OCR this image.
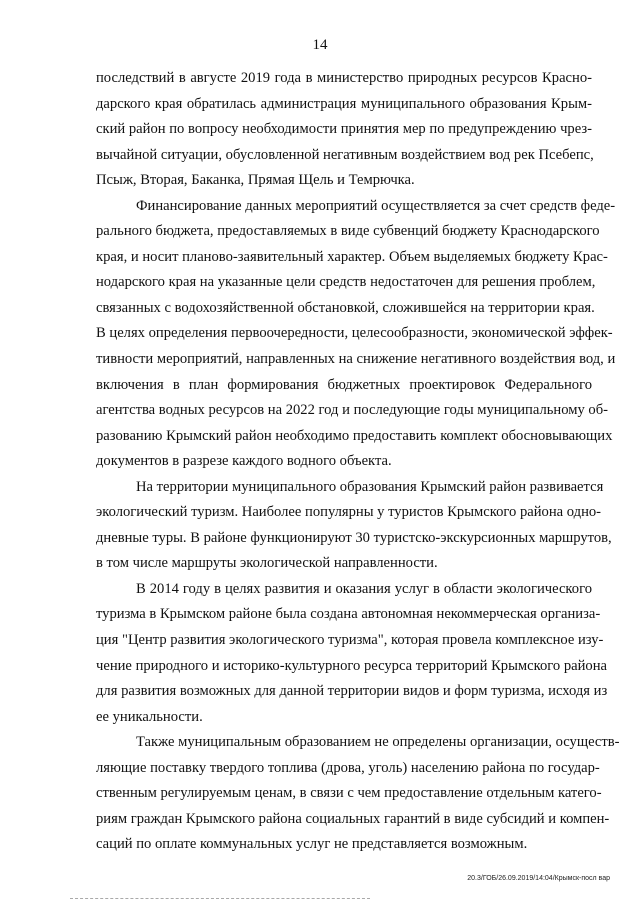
14
последствий в августе 2019 года в министерство природных ресурсов Красно-
дарского края обратилась администрация муниципального образования Крым-
ский район по вопросу необходимости принятия мер по предупреждению чрез-
вычайной ситуации, обусловленной негативным воздействием вод рек Псебепс,
Псыж, Вторая, Баканка, Прямая Щель и Темрючка.
Финансирование данных мероприятий осуществляется за счет средств феде-
рального бюджета, предоставляемых в виде субвенций бюджету Краснодарского
края, и носит планово-заявительный характер. Объем выделяемых бюджету Крас-
нодарского края на указанные цели средств недостаточен для решения проблем,
связанных с водохозяйственной обстановкой, сложившейся на территории края.
В целях определения первоочередности, целесообразности, экономической эффек-
тивности мероприятий, направленных на снижение негативного воздействия вод, и
включения в план формирования бюджетных проектировок Федерального
агентства водных ресурсов на 2022 год и последующие годы муниципальному об-
разованию Крымский район необходимо предоставить комплект обосновывающих
документов в разрезе каждого водного объекта.
На территории муниципального образования Крымский район развивается
экологический туризм. Наиболее популярны у туристов Крымского района одно-
дневные туры. В районе функционируют 30 туристско-экскурсионных маршрутов,
в том числе маршруты экологической направленности.
В 2014 году в целях развития и оказания услуг в области экологического
туризма в Крымском районе была создана автономная некоммерческая организа-
ция "Центр развития экологического туризма", которая провела комплексное изу-
чение природного и историко-культурного ресурса территорий Крымского района
для развития возможных для данной территории видов и форм туризма, исходя из
ее уникальности.
Также муниципальным образованием не определены организации, осуществ-
ляющие поставку твердого топлива (дрова, уголь) населению района по государ-
ственным регулируемым ценам, в связи с чем предоставление отдельным катего-
риям граждан Крымского района социальных гарантий в виде субсидий и компен-
саций по оплате коммунальных услуг не представляется возможным.
20.3/ГОБ/26.09.2019/14:04/Крымск-посл вар
